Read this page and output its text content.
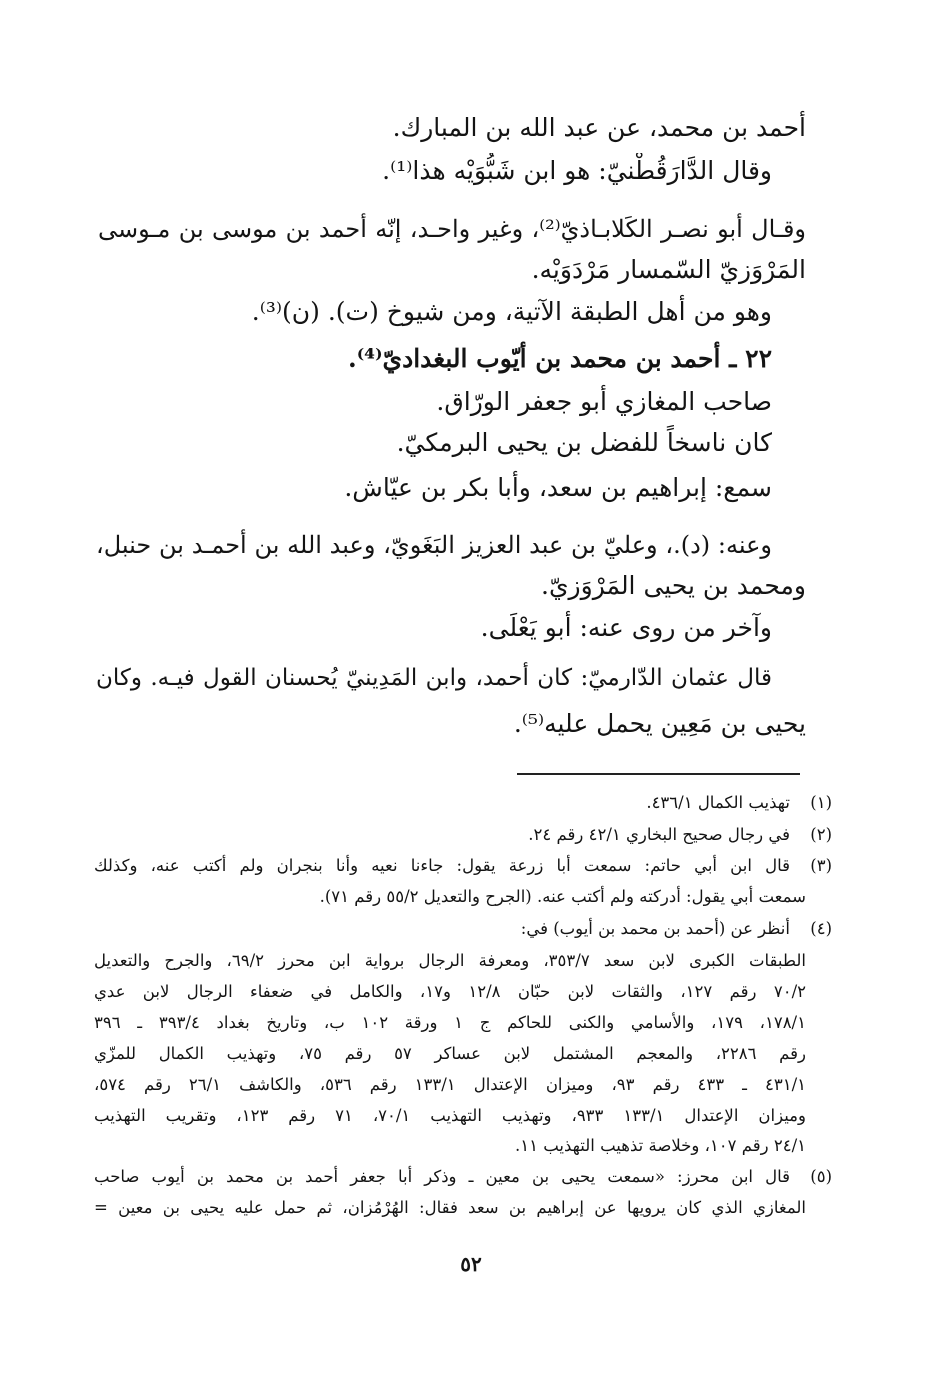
أحمد بن محمد، عن عبد الله بن المبارك.
وقال الدَّارَقُطْنيّ: هو ابن شَبُّوَيْه هذا⁽¹⁾.
وقـال أبو نصـر الكَلابـاذيّ⁽²⁾، وغير واحـد، إنّه أحمد بن موسى بن مـوسى
المَرْوَزيّ السّمسار مَرْدَوَيْه.
وهو من أهل الطبقة الآتية، ومن شيوخ (ت). (ن)⁽³⁾.
٢٢ ـ أحمد بن محمد بن أيّوب البغداديّ⁽⁴⁾.
صاحب المغازي أبو جعفر الورّاق.
كان ناسخاً للفضل بن يحيى البرمكيّ.
سمع: إبراهيم بن سعد، وأبا بكر بن عيّاش.
وعنه: (د).، وعليّ بن عبد العزيز البَغَويّ، وعبد الله بن أحمـد بن حنبل،
ومحمد بن يحيى المَرْوَزيّ.
وآخر من روى عنه: أبو يَعْلَى.
قال عثمان الدّارميّ: كان أحمد، وابن المَدِينيّ يُحسنان القول فيـه. وكان
يحيى بن مَعِين يحمل عليه⁽⁵⁾.
(١)
(٢)
(٣)
(٤)
(٥)
تهذيب الكمال ٤٣٦/١.
في رجال صحيح البخاري ٤٢/١ رقم ٢٤.
قال ابن أبي حاتم: سمعت أبا زرعة يقول: جاءنا نعيه وأنا بنجران ولم أكتب عنه، وكذلك
سمعت أبي يقول: أدركته ولم أكتب عنه. (الجرح والتعديل ٥٥/٢ رقم ٧١).
أنظر عن (أحمد بن محمد بن أيوب) في:
الطبقات الكبرى لابن سعد ٣٥٣/٧، ومعرفة الرجال برواية ابن محرز ٦٩/٢، والجرح والتعديل
٧٠/٢ رقم ١٢٧، والثقات لابن حبّان ١٢/٨ و١٧، والكامل في ضعفاء الرجال لابن عدي
١٧٨/١، ١٧٩، والأسامي والكنى للحاكم ج ١ ورقة ١٠٢ ب، وتاريخ بغداد ٣٩٣/٤ ـ ٣٩٦
رقم ٢٢٨٦، والمعجم المشتمل لابن عساكر ٥٧ رقم ٧٥، وتهذيب الكمال للمزّي
٤٣١/١ ـ ٤٣٣ رقم ٩٣، وميزان الإعتدال ١٣٣/١ رقم ٥٣٦، والكاشف ٢٦/١ رقم ٥٧٤،
وميزان الإعتدال ١٣٣/١ ٩٣٣، وتهذيب التهذيب ٧٠/١، ٧١ رقم ١٢٣، وتقريب التهذيب
٢٤/١ رقم ١٠٧، وخلاصة تذهيب التهذيب ١١.
قال ابن محرز: «سمعت يحيى بن معين ـ وذكر أبا جعفر أحمد بن محمد بن أيوب صاحب
المغازي الذي كان يرويها عن إبراهيم بن سعد فقال: الهُرْمُزان، ثم حمل عليه يحيى بن معين =
٥٢
